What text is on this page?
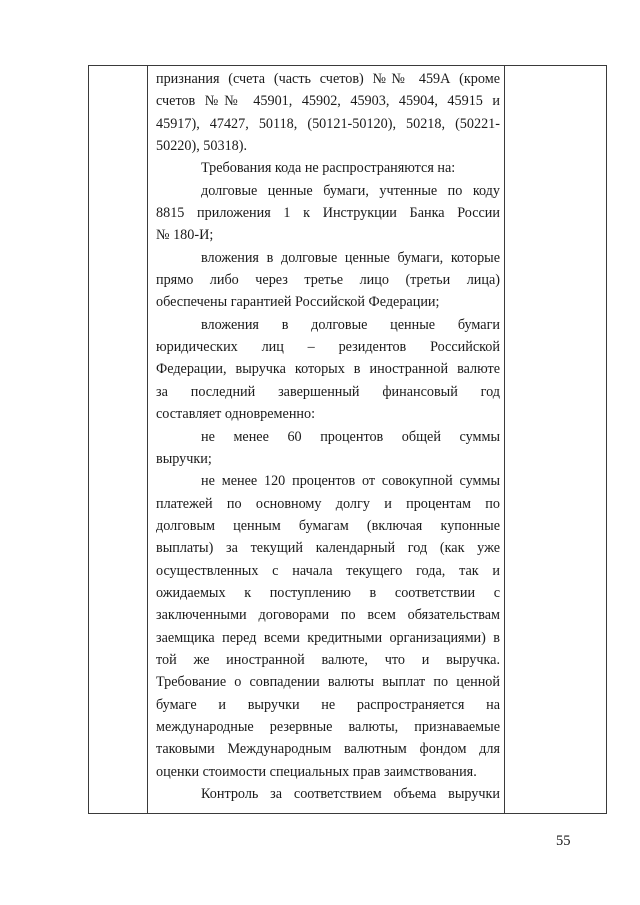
признания (счета (часть счетов) №№ 459А (кроме
счетов №№ 45901, 45902, 45903, 45904, 45915 и
45917), 47427, 50118, (50121-50120), 50218, (50221-
50220), 50318).
Требования кода не распространяются на:
долговые ценные бумаги, учтенные по коду
8815 приложения 1 к Инструкции Банка России
№ 180-И;
вложения в долговые ценные бумаги, которые
прямо либо через третье лицо (третьи лица)
обеспечены гарантией Российской Федерации;
вложения в долговые ценные бумаги
юридических лиц – резидентов Российской
Федерации, выручка которых в иностранной валюте
за последний завершенный финансовый год
составляет одновременно:
не менее 60 процентов общей суммы
выручки;
не менее 120 процентов от совокупной суммы
платежей по основному долгу и процентам по
долговым ценным бумагам (включая купонные
выплаты) за текущий календарный год (как уже
осуществленных с начала текущего года, так и
ожидаемых к поступлению в соответствии с
заключенными договорами по всем обязательствам
заемщика перед всеми кредитными организациями) в
той же иностранной валюте, что и выручка.
Требование о совпадении валюты выплат по ценной
бумаге и выручки не распространяется на
международные резервные валюты, признаваемые
таковыми Международным валютным фондом для
оценки стоимости специальных прав заимствования.
Контроль за соответствием объема выручки
55
